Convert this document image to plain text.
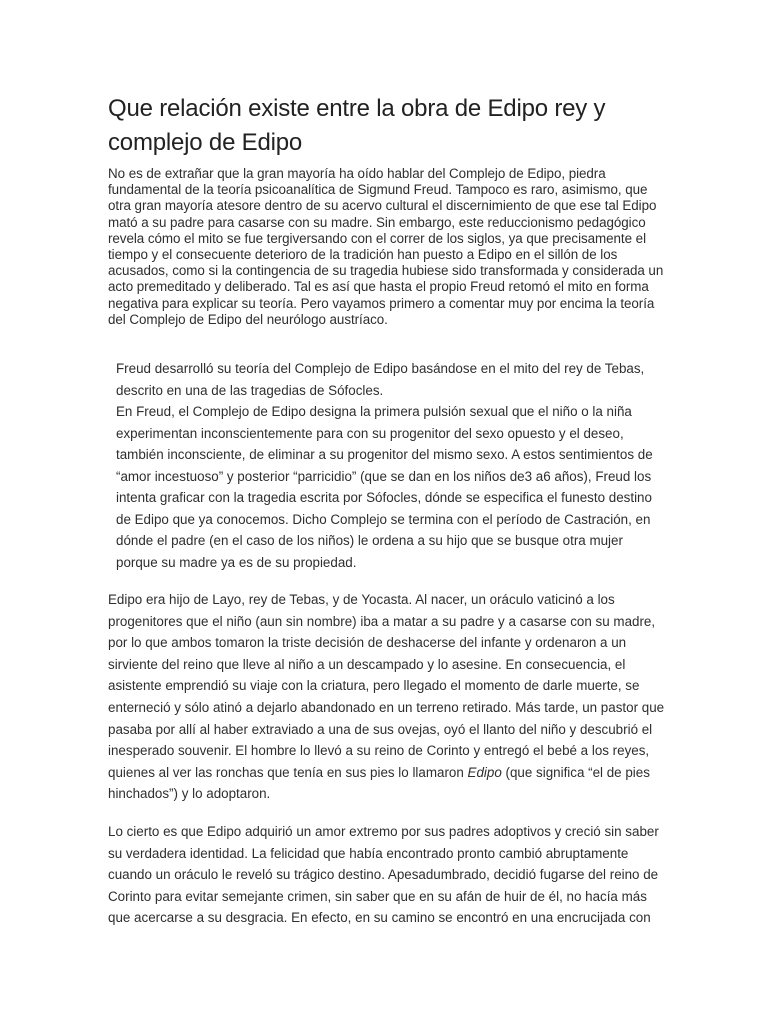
Que relación existe entre la obra de Edipo rey y complejo de Edipo

No es de extrañar que la gran mayoría ha oído hablar del Complejo de Edipo, piedra fundamental de la teoría psicoanalítica de Sigmund Freud. Tampoco es raro, asimismo, que otra gran mayoría atesore dentro de su acervo cultural el discernimiento de que ese tal Edipo mató a su padre para casarse con su madre. Sin embargo, este reduccionismo pedagógico revela cómo el mito se fue tergiversando con el correr de los siglos, ya que precisamente el tiempo y el consecuente deterioro de la tradición han puesto a Edipo en el sillón de los acusados, como si la contingencia de su tragedia hubiese sido transformada y considerada un acto premeditado y deliberado. Tal es así que hasta el propio Freud retomó el mito en forma negativa para explicar su teoría. Pero vayamos primero a comentar muy por encima la teoría del Complejo de Edipo del neurólogo austríaco.

Freud desarrolló su teoría del Complejo de Edipo basándose en el mito del rey de Tebas, descrito en una de las tragedias de Sófocles.

En Freud, el Complejo de Edipo designa la primera pulsión sexual que el niño o la niña experimentan inconscientemente para con su progenitor del sexo opuesto y el deseo, también inconsciente, de eliminar a su progenitor del mismo sexo. A estos sentimientos de “amor incestuoso” y posterior “parricidio” (que se dan en los niños de3 a6 años), Freud los intenta graficar con la tragedia escrita por Sófocles, dónde se especifica el funesto destino de Edipo que ya conocemos. Dicho Complejo se termina con el período de Castración, en dónde el padre (en el caso de los niños) le ordena a su hijo que se busque otra mujer porque su madre ya es de su propiedad.

Edipo era hijo de Layo, rey de Tebas, y de Yocasta. Al nacer, un oráculo vaticinó a los progenitores que el niño (aun sin nombre) iba a matar a su padre y a casarse con su madre, por lo que ambos tomaron la triste decisión de deshacerse del infante y ordenaron a un sirviente del reino que lleve al niño a un descampado y lo asesine. En consecuencia, el asistente emprendió su viaje con la criatura, pero llegado el momento de darle muerte, se enterneció y sólo atinó a dejarlo abandonado en un terreno retirado. Más tarde, un pastor que pasaba por allí al haber extraviado a una de sus ovejas, oyó el llanto del niño y descubrió el inesperado souvenir. El hombre lo llevó a su reino de Corinto y entregó el bebé a los reyes, quienes al ver las ronchas que tenía en sus pies lo llamaron Edipo (que significa “el de pies hinchados”) y lo adoptaron.

Lo cierto es que Edipo adquirió un amor extremo por sus padres adoptivos y creció sin saber su verdadera identidad. La felicidad que había encontrado pronto cambió abruptamente cuando un oráculo le reveló su trágico destino. Apesadumbrado, decidió fugarse del reino de Corinto para evitar semejante crimen, sin saber que en su afán de huir de él, no hacía más que acercarse a su desgracia. En efecto, en su camino se encontró en una encrucijada con
